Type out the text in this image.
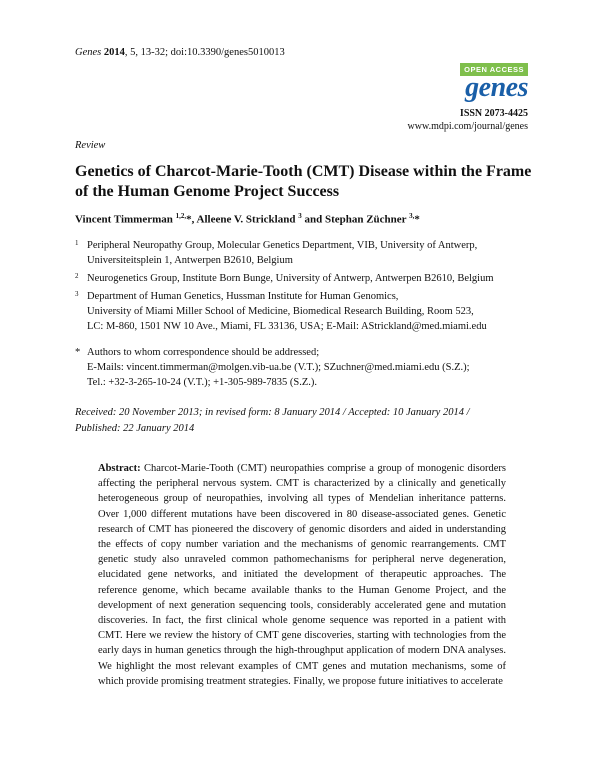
Genes 2014, 5, 13-32; doi:10.3390/genes5010013
OPEN ACCESS
genes
ISSN 2073-4425
www.mdpi.com/journal/genes
Review
Genetics of Charcot-Marie-Tooth (CMT) Disease within the Frame of the Human Genome Project Success
Vincent Timmerman $^{1,2,}$*, Alleene V. Strickland $^3$ and Stephan Züchner $^{3,}$*
1 Peripheral Neuropathy Group, Molecular Genetics Department, VIB, University of Antwerp,
Universiteitsplein 1, Antwerpen B2610, Belgium
2 Neurogenetics Group, Institute Born Bunge, University of Antwerp, Antwerpen B2610, Belgium
3 Department of Human Genetics, Hussman Institute for Human Genomics,
University of Miami Miller School of Medicine, Biomedical Research Building, Room 523,
LC: M-860, 1501 NW 10 Ave., Miami, FL 33136, USA; E-Mail: AStrickland@med.miami.edu
* Authors to whom correspondence should be addressed;
E-Mails: vincent.timmerman@molgen.vib-ua.be (V.T.); SZuchner@med.miami.edu (S.Z.);
Tel.: +32-3-265-10-24 (V.T.); +1-305-989-7835 (S.Z.).
Received: 20 November 2013; in revised form: 8 January 2014 / Accepted: 10 January 2014 /
Published: 22 January 2014
Abstract: Charcot-Marie-Tooth (CMT) neuropathies comprise a group of monogenic disorders affecting the peripheral nervous system. CMT is characterized by a clinically and genetically heterogeneous group of neuropathies, involving all types of Mendelian inheritance patterns. Over 1,000 different mutations have been discovered in 80 disease-associated genes. Genetic research of CMT has pioneered the discovery of genomic disorders and aided in understanding the effects of copy number variation and the mechanisms of genomic rearrangements. CMT genetic study also unraveled common pathomechanisms for peripheral nerve degeneration, elucidated gene networks, and initiated the development of therapeutic approaches. The reference genome, which became available thanks to the Human Genome Project, and the development of next generation sequencing tools, considerably accelerated gene and mutation discoveries. In fact, the first clinical whole genome sequence was reported in a patient with CMT. Here we review the history of CMT gene discoveries, starting with technologies from the early days in human genetics through the high-throughput application of modern DNA analyses. We highlight the most relevant examples of CMT genes and mutation mechanisms, some of which provide promising treatment strategies. Finally, we propose future initiatives to accelerate
